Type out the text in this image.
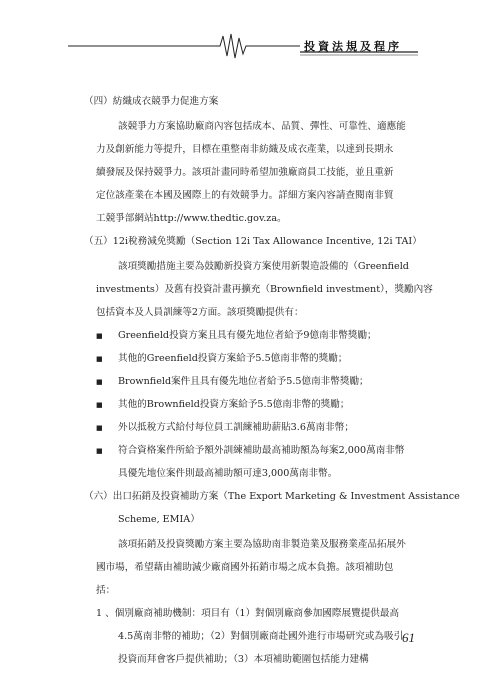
投資法規及程序
（四）紡織成衣競爭力促進方案
該競爭力方案協助廠商內容包括成本、品質、彈性、可靠性、適應能
力及創新能力等提升，目標在重整南非紡織及成衣產業，以達到長期永
續發展及保持競爭力。該項計畫同時希望加強廠商員工技能，並且重新
定位該產業在本國及國際上的有效競爭力。詳細方案內容請查閱南非貿
工競爭部網站http://www.thedtic.gov.za。
（五）12i稅務減免獎勵（Section 12i Tax Allowance Incentive, 12i TAI）
該項獎勵措施主要為鼓勵新投資方案使用新製造設備的（Greenfield
investments）及舊有投資計畫再擴充（Brownfield investment），獎勵內容
包括資本及人員訓練等2方面。該項獎勵提供有：
■ Greenfield投資方案且具有優先地位者給予9億南非幣獎勵；
■ 其他的Greenfield投資方案給予5.5億南非幣的獎勵；
■ Brownfield案件且具有優先地位者給予5.5億南非幣獎勵；
■ 其他的Brownfield投資方案給予5.5億南非幣的獎勵；
■ 外以抵稅方式給付每位員工訓練補助薪貼3.6萬南非幣；
■ 符合資格案件所給予額外訓練補助最高補助額為每案2,000萬南非幣
具優先地位案件則最高補助額可達3,000萬南非幣。
（六）出口拓銷及投資補助方案（The Export Marketing & Investment Assistance
Scheme, EMIA）
該項拓銷及投資獎勵方案主要為協助南非製造業及服務業產品拓展外
國市場，希望藉由補助減少廠商國外拓銷市場之成本負擔。該項補助包
括：
1 、個別廠商補助機制：項目有（1）對個別廠商參加國際展覽提供最高
4.5萬南非幣的補助；（2）對個別廠商赴國外進行市場研究或為吸引
投資而拜會客戶提供補助；（3）本項補助範圍包括能力建構
61
